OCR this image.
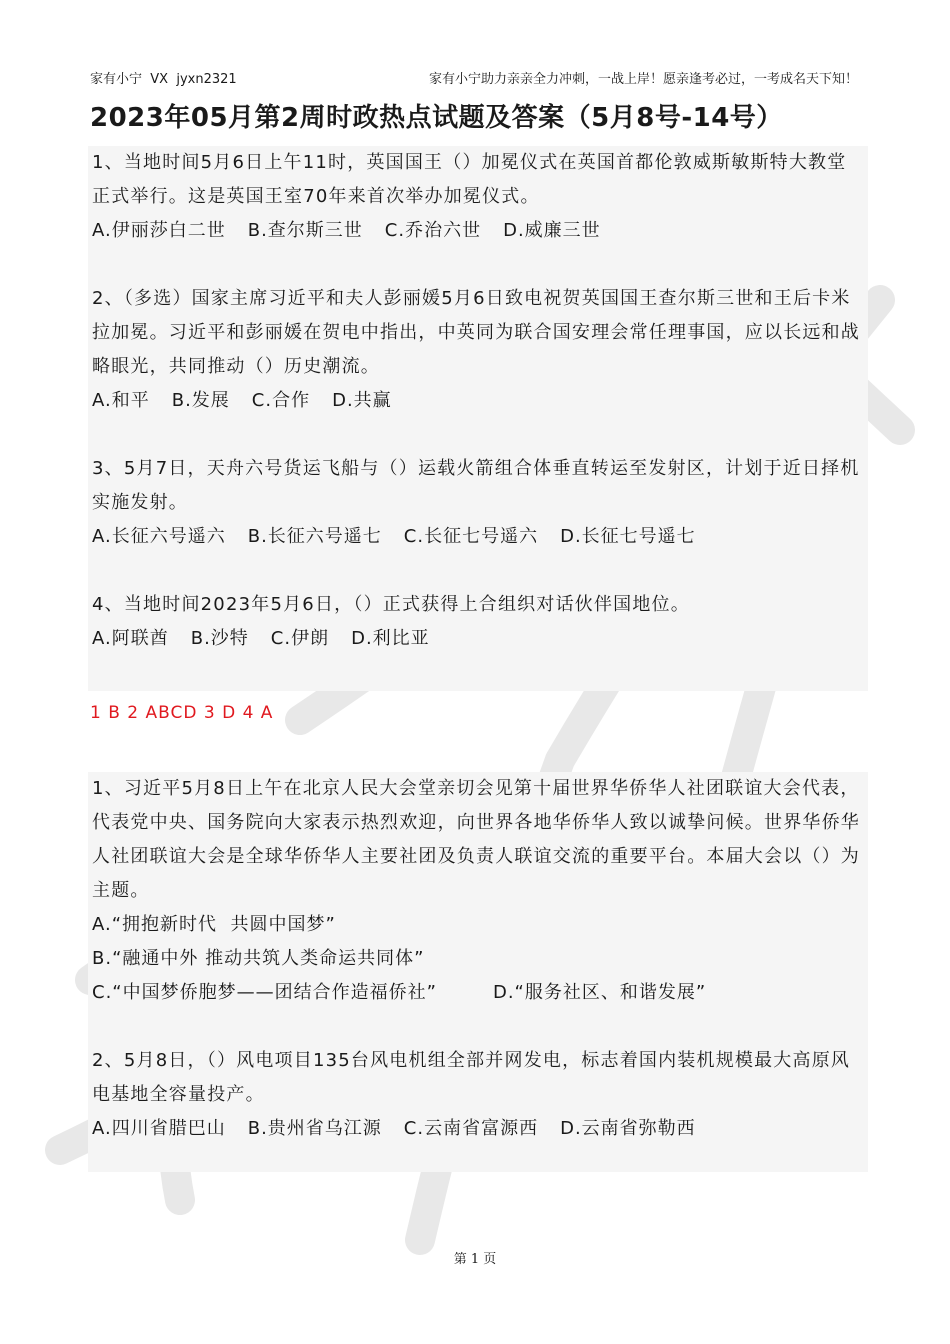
家有小宁  VX  jyxn2321	家有小宁助力亲亲全力冲刺，一战上岸！愿亲逢考必过，一考成名天下知！
2023年05月第2周时政热点试题及答案（5月8号-14号）

1、当地时间5月6日上午11时，英国国王（）加冕仪式在英国首都伦敦威斯敏斯特大教堂正式举行。这是英国王室70年来首次举办加冕仪式。

A.伊丽莎白二世 B.查尔斯三世 C.乔治六世 D.威廉三世

2、（多选）国家主席习近平和夫人彭丽媛5月6日致电祝贺英国国王查尔斯三世和王后卡米拉加冕。习近平和彭丽媛在贺电中指出，中英同为联合国安理会常任理事国，应以长远和战略眼光，共同推动（）历史潮流。

A.和平 B.发展 C.合作 D.共赢

3、5月7日，天舟六号货运飞船与（）运载火箭组合体垂直转运至发射区，计划于近日择机实施发射。

A.长征六号遥六 B.长征六号遥七 C.长征七号遥六 D.长征七号遥七

4、当地时间2023年5月6日，（）正式获得上合组织对话伙伴国地位。

A.阿联酋 B.沙特 C.伊朗 D.利比亚

1 B 2 ABCD 3 D 4 A

1、习近平5月8日上午在北京人民大会堂亲切会见第十届世界华侨华人社团联谊大会代表，代表党中央、国务院向大家表示热烈欢迎，向世界各地华侨华人致以诚挚问候。世界华侨华人社团联谊大会是全球华侨华人主要社团及负责人联谊交流的重要平台。本届大会以（）为主题。

A.“拥抱新时代  共圆中国梦”

B.“融通中外 推动共筑人类命运共同体”

C.“中国梦侨胞梦——团结合作造福侨社”	D.“服务社区、和谐发展”

2、5月8日，（）风电项目135台风电机组全部并网发电，标志着国内装机规模最大高原风电基地全容量投产。

A.四川省腊巴山 B.贵州省乌江源 C.云南省富源西 D.云南省弥勒西

第 1 页
